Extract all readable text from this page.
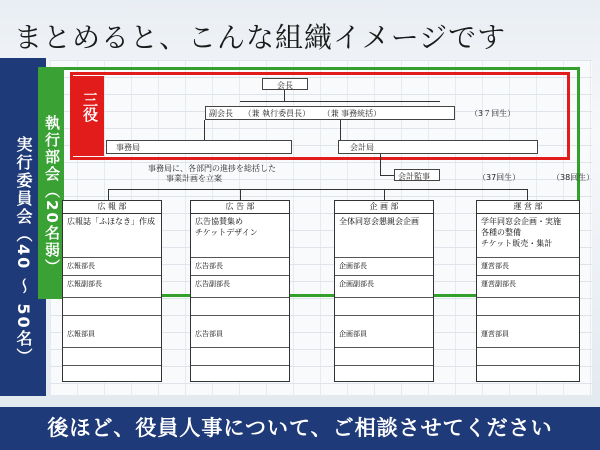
まとめると、こんな組織イメージです
実行委員会（40 ～ 50名） 執行部会（20名弱）
三役
会長
副会長 （兼 執行委員長） （兼 事務統括）	（3７回生）
事務局	会計局
会計監事	（37回生）	（38回生）
事務局に、各部門の進捗を総括した
事業計画を立案
広 報 部
広報誌「ふほなき」作成
広報部長
広報副部長
広報部員
広 告 部
広告協賛集め
チケットデザイン
広告部長
広告副部長
広告部員
企 画 部
全体同窓会懇親会企画
企画部長
企画副部長
企画部員
運 営 部
学年同窓会企画・実施
各種の整備
チケット販売・集計
運営部長
運営副部長
運営部員
後ほど、役員人事について、ご相談させてください
